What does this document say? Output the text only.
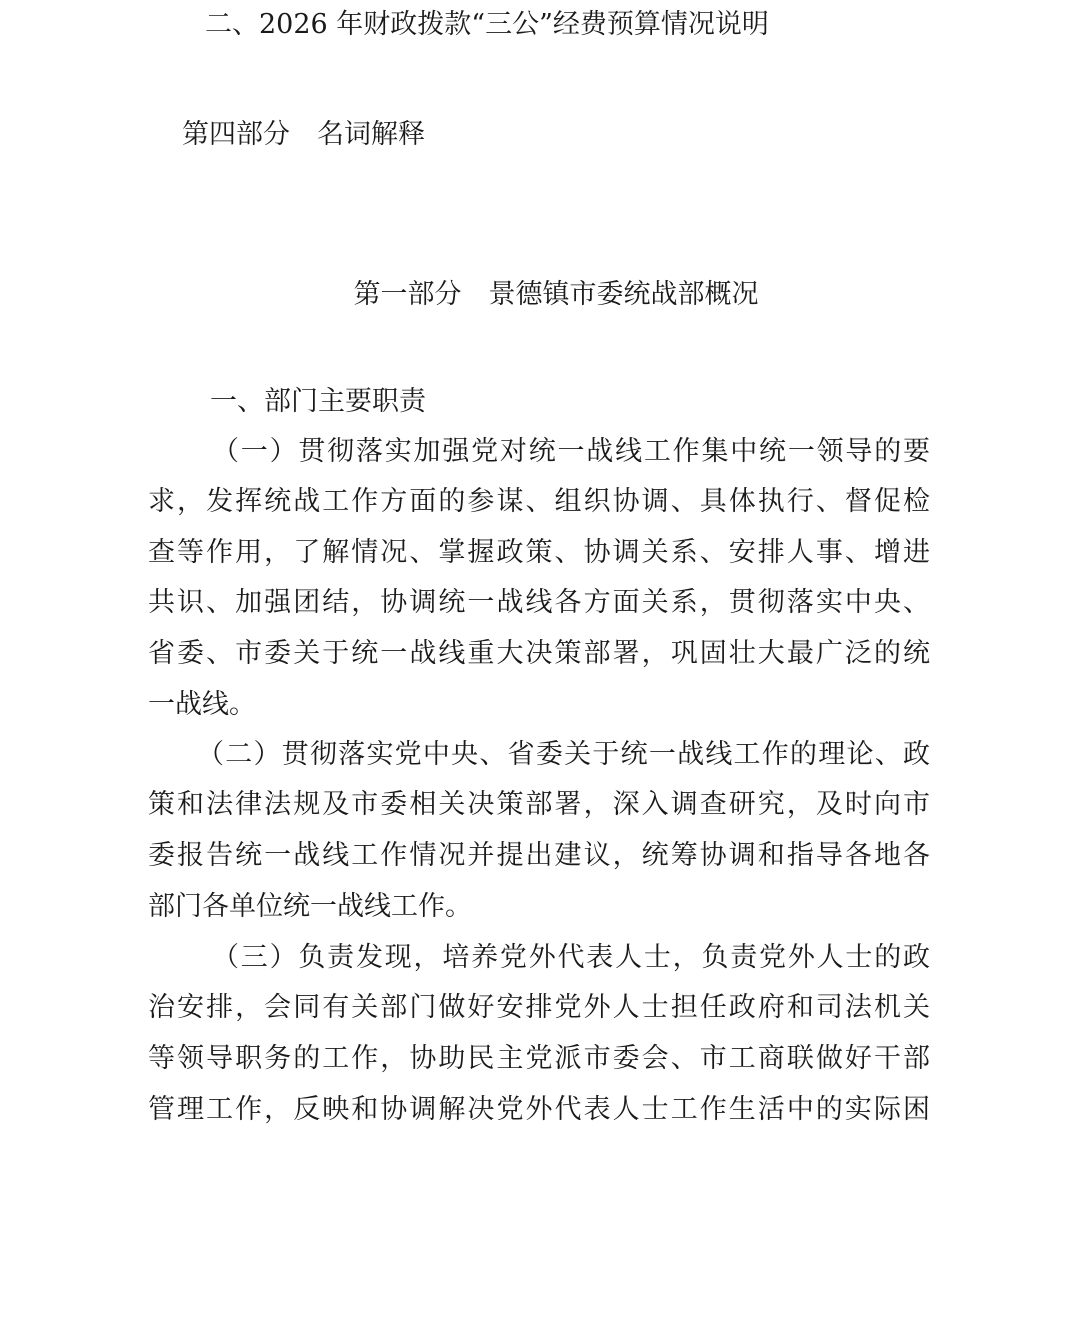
二、2026 年财政拨款“三公”经费预算情况说明
第四部分　名词解释
第一部分　景德镇市委统战部概况
一、部门主要职责
（一）贯彻落实加强党对统一战线工作集中统一领导的要
求，发挥统战工作方面的参谋、组织协调、具体执行、督促检
查等作用，了解情况、掌握政策、协调关系、安排人事、增进
共识、加强团结，协调统一战线各方面关系，贯彻落实中央、
省委、市委关于统一战线重大决策部署，巩固壮大最广泛的统
一战线。
（二）贯彻落实党中央、省委关于统一战线工作的理论、政
策和法律法规及市委相关决策部署，深入调查研究，及时向市
委报告统一战线工作情况并提出建议，统筹协调和指导各地各
部门各单位统一战线工作。
（三）负责发现，培养党外代表人士，负责党外人士的政
治安排，会同有关部门做好安排党外人士担任政府和司法机关
等领导职务的工作，协助民主党派市委会、市工商联做好干部
管理工作，反映和协调解决党外代表人士工作生活中的实际困
